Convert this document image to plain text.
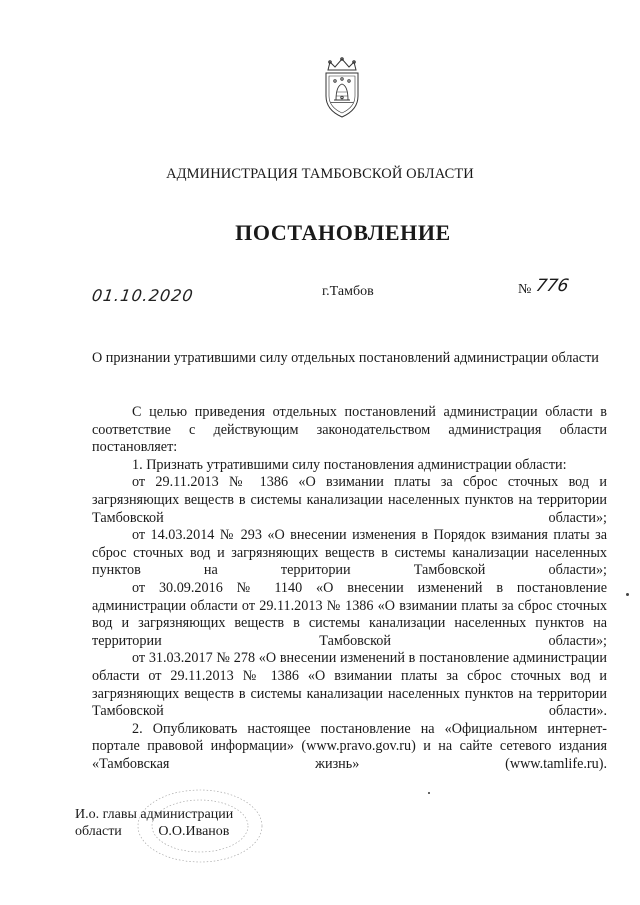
АДМИНИСТРАЦИЯ ТАМБОВСКОЙ ОБЛАСТИ
ПОСТАНОВЛЕНИЕ
01.10.2020	г.Тамбов	№ 776
О признании утратившими силу отдельных постановлений администрации области

С целью приведения отдельных постановлений администрации области в соответствие с действующим законодательством администрация области постановляет:

1. Признать утратившими силу постановления администрации области:

от 29.11.2013 № 1386 «О взимании платы за сброс сточных вод и загрязняющих веществ в системы канализации населенных пунктов на территории Тамбовской области»;

от 14.03.2014 № 293 «О внесении изменения в Порядок взимания платы за сброс сточных вод и загрязняющих веществ в системы канализации населенных пунктов на территории Тамбовской области»;

от 30.09.2016 № 1140 «О внесении изменений в постановление администрации области от 29.11.2013 № 1386 «О взимании платы за сброс сточных вод и загрязняющих веществ в системы канализации населенных пунктов на территории Тамбовской области»;

от 31.03.2017 № 278 «О внесении изменений в постановление администрации области от 29.11.2013 № 1386 «О взимании платы за сброс сточных вод и загрязняющих веществ в системы канализации населенных пунктов на территории Тамбовской области».

2. Опубликовать настоящее постановление на «Официальном интернет-портале правовой информации» (www.pravo.gov.ru) и на сайте сетевого издания «Тамбовская жизнь» (www.tamlife.ru).

И.о. главы администрации
области	О.О.Иванов
